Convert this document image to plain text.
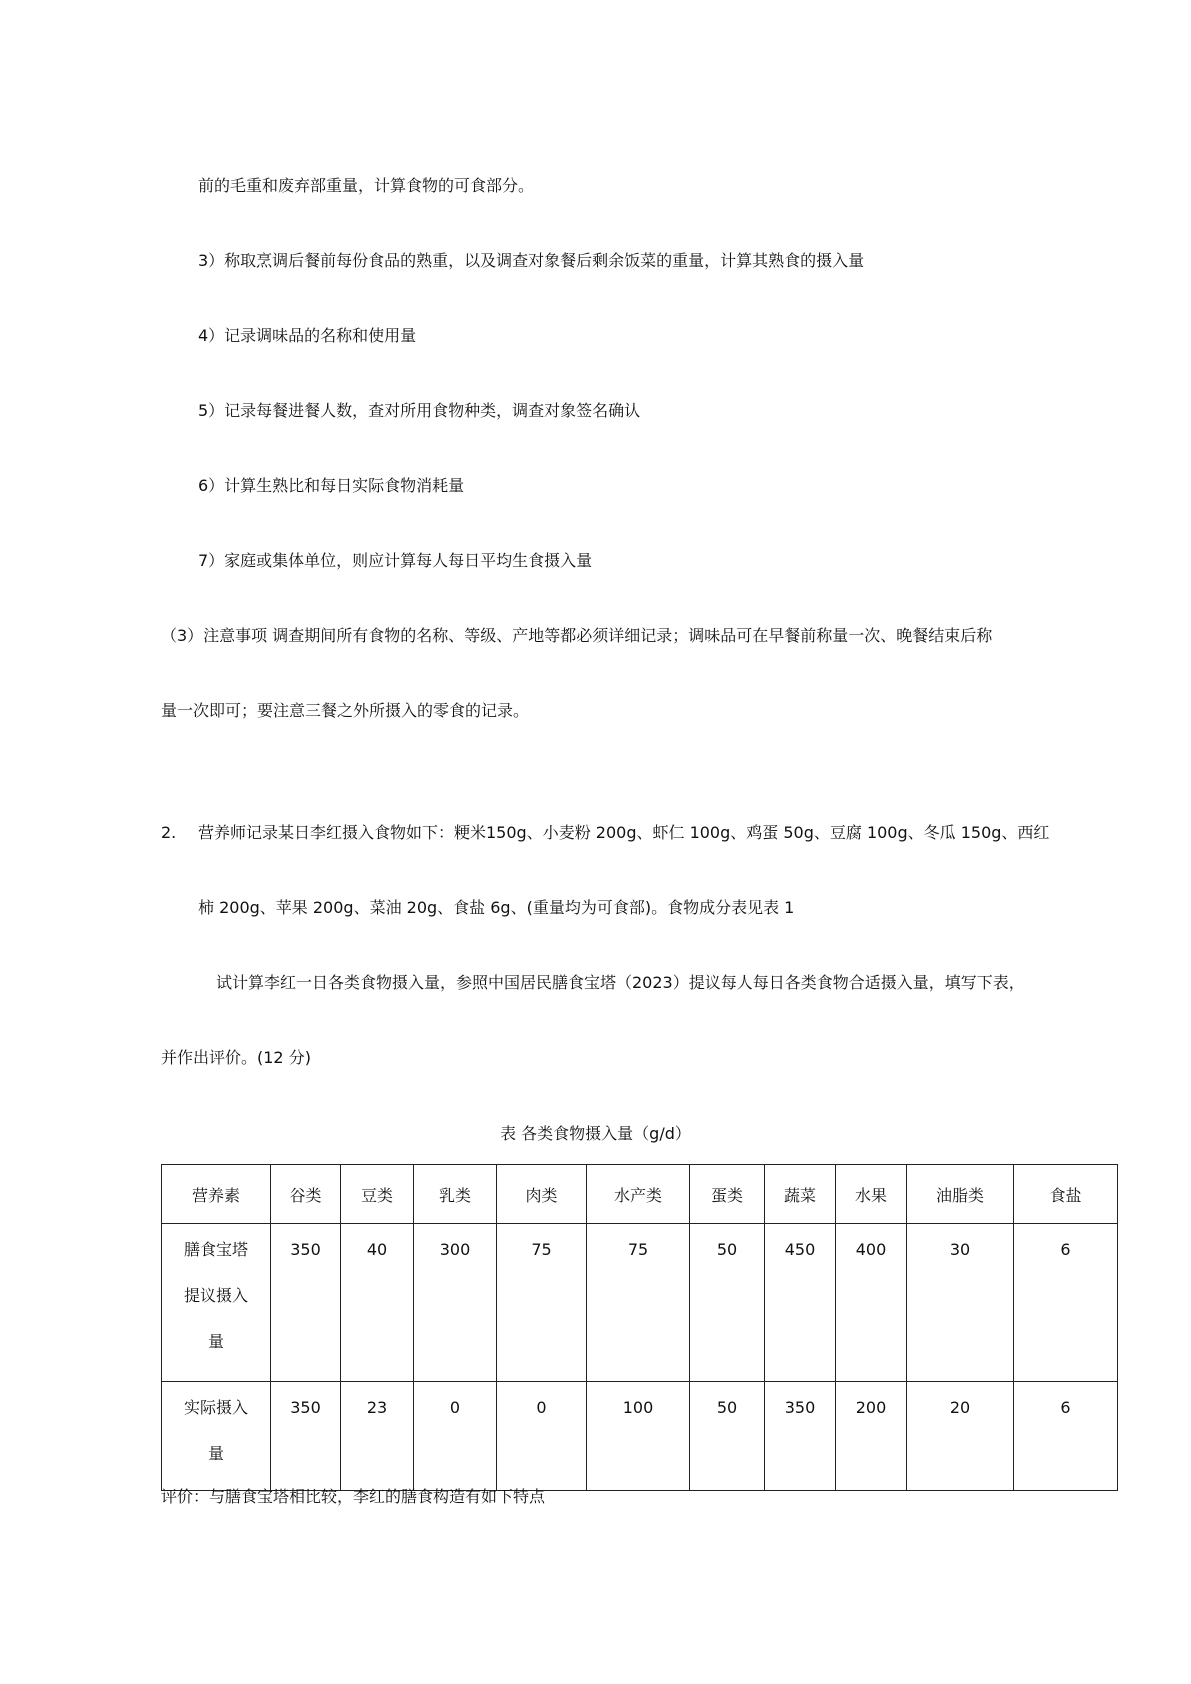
前的毛重和废弃部重量，计算食物的可食部分。

3）称取烹调后餐前每份食品的熟重，以及调查对象餐后剩余饭菜的重量，计算其熟食的摄入量

4）记录调味品的名称和使用量

5）记录每餐进餐人数，查对所用食物种类，调查对象签名确认

6）计算生熟比和每日实际食物消耗量

7）家庭或集体单位，则应计算每人每日平均生食摄入量

（3）注意事项 调查期间所有食物的名称、等级、产地等都必须详细记录；调味品可在早餐前称量一次、晚餐结束后称

量一次即可；要注意三餐之外所摄入的零食的记录。

2. 营养师记录某日李红摄入食物如下：粳米150g、小麦粉 200g、虾仁 100g、鸡蛋 50g、豆腐 100g、冬瓜 150g、西红

柿 200g、苹果 200g、菜油 20g、食盐 6g、(重量均为可食部)。食物成分表见表 1

试计算李红一日各类食物摄入量，参照中国居民膳食宝塔（2023）提议每人每日各类食物合适摄入量，填写下表，

并作出评价。(12 分)

表 各类食物摄入量（g/d）

营养素	谷类	豆类	乳类	肉类	水产类	蛋类	蔬菜	水果	油脂类	食盐

膳食宝塔
提议摄入
量	350	40	300	75	75	50	450	400	30	6

实际摄入
量	350	23	0	0	100	50	350	200	20	6

评价：与膳食宝塔相比较，李红的膳食构造有如下特点
